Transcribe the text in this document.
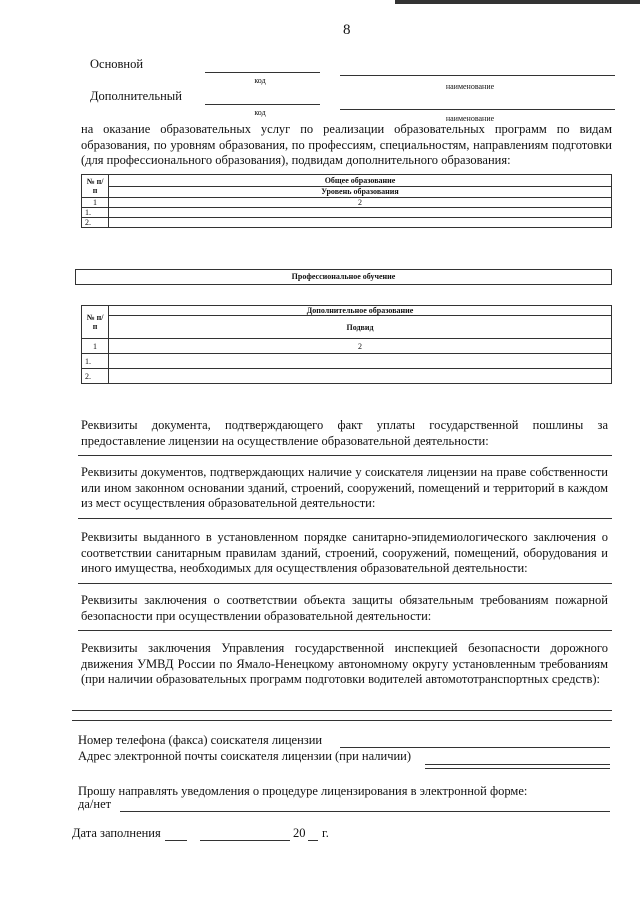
8
Основной
код
наименование
Дополнительный
код
наименование
на оказание образовательных услуг по реализации образовательных программ по видам образования, по уровням образования, по профессиям, специальностям, направлениям подготовки (для профессионального образования), подвидам дополнительного образования:
№ п/п	Общее образование
	Уровень образования
1	2
1.	
2.	
Профессиональное обучение
№ п/п	Дополнительное образование
	Подвид
1	2
1.	
2.	
Реквизиты документа, подтверждающего факт уплаты государственной пошлины за предоставление лицензии на осуществление образовательной деятельности:
Реквизиты документов, подтверждающих наличие у соискателя лицензии на праве собственности или ином законном основании зданий, строений, сооружений, помещений и территорий в каждом из мест осуществления образовательной деятельности:
Реквизиты выданного в установленном порядке санитарно-эпидемиологического заключения о соответствии санитарным правилам зданий, строений, сооружений, помещений, оборудования и иного имущества, необходимых для осуществления образовательной деятельности:
Реквизиты заключения о соответствии объекта защиты обязательным требованиям пожарной безопасности при осуществлении образовательной деятельности:
Реквизиты заключения Управления государственной инспекцией безопасности дорожного движения УМВД России по Ямало-Ненецкому автономному округу установленным требованиям (при наличии образовательных программ подготовки водителей автомототранспортных средств):
Номер телефона (факса) соискателя лицензии
Адрес электронной почты соискателя лицензии (при наличии)
Прошу направлять уведомления о процедуре лицензирования в электронной форме:
да/нет
Дата заполнения	20 г.
